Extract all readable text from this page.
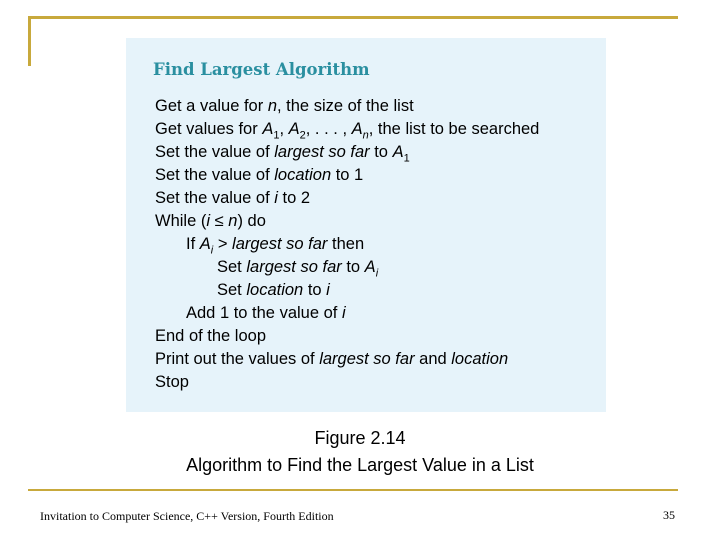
Find Largest Algorithm
Get a value for n, the size of the list
Get values for $A_1$, $A_2$, . . . , $A_n$, the list to be searched
Set the value of largest so far to $A_1$
Set the value of location to 1
Set the value of i to 2
While (i ≤ n) do
If $A_i$ > largest so far then
Set largest so far to $A_i$
Set location to i
Add 1 to the value of i
End of the loop
Print out the values of largest so far and location
Stop
Figure 2.14
Algorithm to Find the Largest Value in a List
Invitation to Computer Science, C++ Version, Fourth Edition	35
